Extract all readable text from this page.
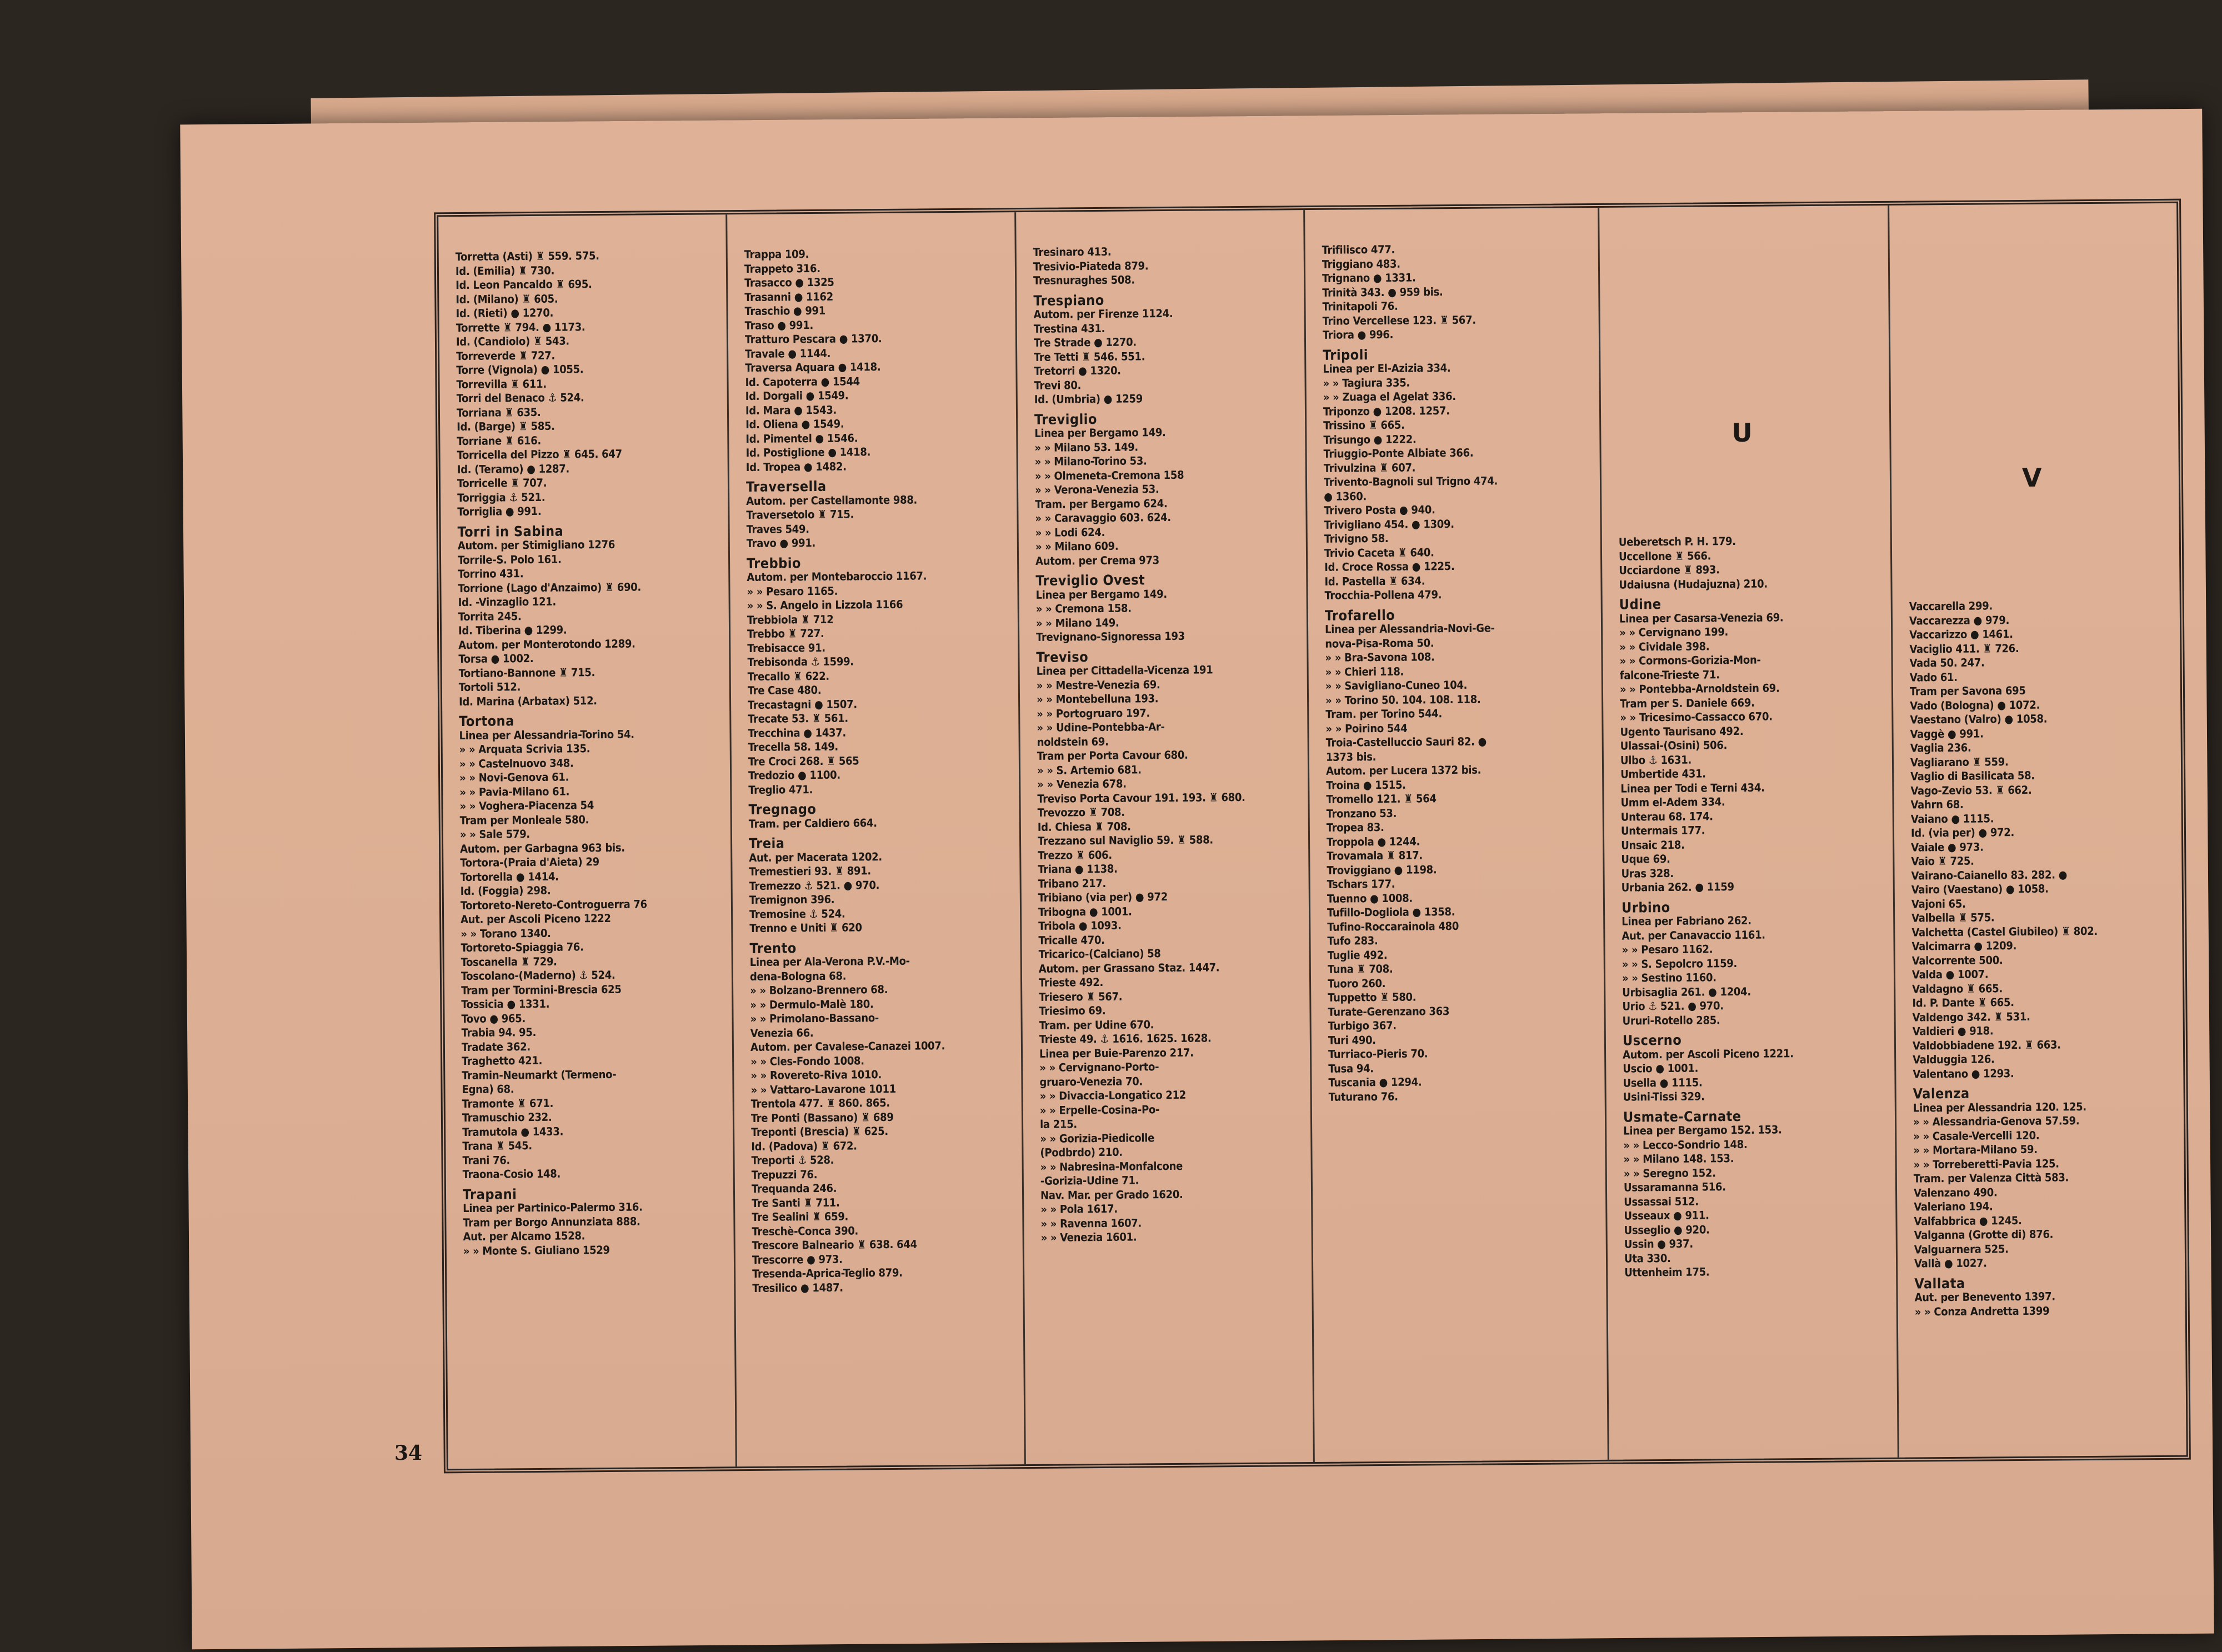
34
Torretta (Asti) ♜ 559. 575.
Id. (Emilia) ♜ 730.
Id. Leon Pancaldo ♜ 695.
Id. (Milano) ♜ 605.
Id. (Rieti) ● 1270.
Torrette ♜ 794. ● 1173.
Id. (Candiolo) ♜ 543.
Torreverde ♜ 727.
Torre (Vignola) ● 1055.
Torrevilla ♜ 611.
Torri del Benaco ⚓ 524.
Torriana ♜ 635.
Id. (Barge) ♜ 585.
Torriane ♜ 616.
Torricella del Pizzo ♜ 645. 647
Id. (Teramo) ● 1287.
Torricelle ♜ 707.
Torriggia ⚓ 521.
Torriglia ● 991.
Torri in Sabina
Autom. per Stimigliano 1276
Torrile-S. Polo 161.
Torrino 431.
Torrione (Lago d'Anzaimo) ♜ 690.
Id. -Vinzaglio 121.
Torrita 245.
Id. Tiberina ● 1299.
Autom. per Monterotondo 1289.
Torsa ● 1002.
Tortiano-Bannone ♜ 715.
Tortoli 512.
Id. Marina (Arbatax) 512.
Tortona
Linea per Alessandria-Torino 54.
» » Arquata Scrivia 135.
» » Castelnuovo 348.
» » Novi-Genova 61.
» » Pavia-Milano 61.
» » Voghera-Piacenza 54
Tram per Monleale 580.
» » Sale 579.
Autom. per Garbagna 963 bis.
Tortora-(Praia d'Aieta) 29
Tortorella ● 1414.
Id. (Foggia) 298.
Tortoreto-Nereto-Controguerra 76
Aut. per Ascoli Piceno 1222
» » Torano 1340.
Tortoreto-Spiaggia 76.
Toscanella ♜ 729.
Toscolano-(Maderno) ⚓ 524.
Tram per Tormini-Brescia 625
Tossicia ● 1331.
Tovo ● 965.
Trabia 94. 95.
Tradate 362.
Traghetto 421.
Tramin-Neumarkt (Termeno-
Egna) 68.
Tramonte ♜ 671.
Tramuschio 232.
Tramutola ● 1433.
Trana ♜ 545.
Trani 76.
Traona-Cosio 148.
Trapani
Linea per Partinico-Palermo 316.
Tram per Borgo Annunziata 888.
Aut. per Alcamo 1528.
» » Monte S. Giuliano 1529
Trappa 109.
Trappeto 316.
Trasacco ● 1325
Trasanni ● 1162
Traschio ● 991
Traso ● 991.
Tratturo Pescara ● 1370.
Travale ● 1144.
Traversa Aquara ● 1418.
Id. Capoterra ● 1544
Id. Dorgali ● 1549.
Id. Mara ● 1543.
Id. Oliena ● 1549.
Id. Pimentel ● 1546.
Id. Postiglione ● 1418.
Id. Tropea ● 1482.
Traversella
Autom. per Castellamonte 988.
Traversetolo ♜ 715.
Traves 549.
Travo ● 991.
Trebbio
Autom. per Montebaroccio 1167.
» » Pesaro 1165.
» » S. Angelo in Lizzola 1166
Trebbiola ♜ 712
Trebbo ♜ 727.
Trebisacce 91.
Trebisonda ⚓ 1599.
Trecallo ♜ 622.
Tre Case 480.
Trecastagni ● 1507.
Trecate 53. ♜ 561.
Trecchina ● 1437.
Trecella 58. 149.
Tre Croci 268. ♜ 565
Tredozio ● 1100.
Treglio 471.
Tregnago
Tram. per Caldiero 664.
Treia
Aut. per Macerata 1202.
Tremestieri 93. ♜ 891.
Tremezzo ⚓ 521. ● 970.
Tremignon 396.
Tremosine ⚓ 524.
Trenno e Uniti ♜ 620
Trento
Linea per Ala-Verona P.V.-Mo-
dena-Bologna 68.
» » Bolzano-Brennero 68.
» » Dermulo-Malè 180.
» » Primolano-Bassano-
Venezia 66.
Autom. per Cavalese-Canazei 1007.
» » Cles-Fondo 1008.
» » Rovereto-Riva 1010.
» » Vattaro-Lavarone 1011
Trentola 477. ♜ 860. 865.
Tre Ponti (Bassano) ♜ 689
Treponti (Brescia) ♜ 625.
Id. (Padova) ♜ 672.
Treporti ⚓ 528.
Trepuzzi 76.
Trequanda 246.
Tre Santi ♜ 711.
Tre Sealini ♜ 659.
Treschè-Conca 390.
Trescore Balneario ♜ 638. 644
Trescorre ● 973.
Tresenda-Aprica-Teglio 879.
Tresilico ● 1487.
Tresinaro 413.
Tresivio-Piateda 879.
Tresnuraghes 508.
Trespiano
Autom. per Firenze 1124.
Trestina 431.
Tre Strade ● 1270.
Tre Tetti ♜ 546. 551.
Tretorri ● 1320.
Trevi 80.
Id. (Umbria) ● 1259
Treviglio
Linea per Bergamo 149.
» » Milano 53. 149.
» » Milano-Torino 53.
» » Olmeneta-Cremona 158
» » Verona-Venezia 53.
Tram. per Bergamo 624.
» » Caravaggio 603. 624.
» » Lodi 624.
» » Milano 609.
Autom. per Crema 973
Treviglio Ovest
Linea per Bergamo 149.
» » Cremona 158.
» » Milano 149.
Trevignano-Signoressa 193
Treviso
Linea per Cittadella-Vicenza 191
» » Mestre-Venezia 69.
» » Montebelluna 193.
» » Portogruaro 197.
» » Udine-Pontebba-Ar-
noldstein 69.
Tram per Porta Cavour 680.
» » S. Artemio 681.
» » Venezia 678.
Treviso Porta Cavour 191. 193. ♜ 680.
Trevozzo ♜ 708.
Id. Chiesa ♜ 708.
Trezzano sul Naviglio 59. ♜ 588.
Trezzo ♜ 606.
Triana ● 1138.
Tribano 217.
Tribiano (via per) ● 972
Tribogna ● 1001.
Tribola ● 1093.
Tricalle 470.
Tricarico-(Calciano) 58
Autom. per Grassano Staz. 1447.
Trieste 492.
Triesero ♜ 567.
Triesimo 69.
Tram. per Udine 670.
Trieste 49. ⚓ 1616. 1625. 1628.
Linea per Buie-Parenzo 217.
» » Cervignano-Porto-
gruaro-Venezia 70.
» » Divaccia-Longatico 212
» » Erpelle-Cosina-Po-
la 215.
» » Gorizia-Piedicolle
(Podbrdo) 210.
» » Nabresina-Monfalcone
-Gorizia-Udine 71.
Nav. Mar. per Grado 1620.
» » Pola 1617.
» » Ravenna 1607.
» » Venezia 1601.
Trifilisco 477.
Triggiano 483.
Trignano ● 1331.
Trinità 343. ● 959 bis.
Trinitapoli 76.
Trino Vercellese 123. ♜ 567.
Triora ● 996.
Tripoli
Linea per El-Azizia 334.
» » Tagiura 335.
» » Zuaga el Agelat 336.
Triponzo ● 1208. 1257.
Trissino ♜ 665.
Trisungo ● 1222.
Triuggio-Ponte Albiate 366.
Trivulzina ♜ 607.
Trivento-Bagnoli sul Trigno 474.
● 1360.
Trivero Posta ● 940.
Trivigliano 454. ● 1309.
Trivigno 58.
Trivio Caceta ♜ 640.
Id. Croce Rossa ● 1225.
Id. Pastella ♜ 634.
Trocchia-Pollena 479.
Trofarello
Linea per Alessandria-Novi-Ge-
nova-Pisa-Roma 50.
» » Bra-Savona 108.
» » Chieri 118.
» » Savigliano-Cuneo 104.
» » Torino 50. 104. 108. 118.
Tram. per Torino 544.
» » Poirino 544
Troia-Castelluccio Sauri 82. ●
1373 bis.
Autom. per Lucera 1372 bis.
Troina ● 1515.
Tromello 121. ♜ 564
Tronzano 53.
Tropea 83.
Troppola ● 1244.
Trovamala ♜ 817.
Troviggiano ● 1198.
Tschars 177.
Tuenno ● 1008.
Tufillo-Dogliola ● 1358.
Tufino-Roccarainola 480
Tufo 283.
Tuglie 492.
Tuna ♜ 708.
Tuoro 260.
Tuppetto ♜ 580.
Turate-Gerenzano 363
Turbigo 367.
Turi 490.
Turriaco-Pieris 70.
Tusa 94.
Tuscania ● 1294.
Tuturano 76.
U
Ueberetsch P. H. 179.
Uccellone ♜ 566.
Ucciardone ♜ 893.
Udaiusna (Hudajuzna) 210.
Udine
Linea per Casarsa-Venezia 69.
» » Cervignano 199.
» » Cividale 398.
» » Cormons-Gorizia-Mon-
falcone-Trieste 71.
» » Pontebba-Arnoldstein 69.
Tram per S. Daniele 669.
» » Tricesimo-Cassacco 670.
Ugento Taurisano 492.
Ulassai-(Osini) 506.
Ulbo ⚓ 1631.
Umbertide 431.
Linea per Todi e Terni 434.
Umm el-Adem 334.
Unterau 68. 174.
Untermais 177.
Unsaic 218.
Uque 69.
Uras 328.
Urbania 262. ● 1159
Urbino
Linea per Fabriano 262.
Aut. per Canavaccio 1161.
» » Pesaro 1162.
» » S. Sepolcro 1159.
» » Sestino 1160.
Urbisaglia 261. ● 1204.
Urio ⚓ 521. ● 970.
Ururi-Rotello 285.
Uscerno
Autom. per Ascoli Piceno 1221.
Uscio ● 1001.
Usella ● 1115.
Usini-Tissi 329.
Usmate-Carnate
Linea per Bergamo 152. 153.
» » Lecco-Sondrio 148.
» » Milano 148. 153.
» » Seregno 152.
Ussaramanna 516.
Ussassai 512.
Usseaux ● 911.
Usseglio ● 920.
Ussin ● 937.
Uta 330.
Uttenheim 175.
V
Vaccarella 299.
Vaccarezza ● 979.
Vaccarizzo ● 1461.
Vaciglio 411. ♜ 726.
Vada 50. 247.
Vado 61.
Tram per Savona 695
Vado (Bologna) ● 1072.
Vaestano (Valro) ● 1058.
Vaggè ● 991.
Vaglia 236.
Vagliarano ♜ 559.
Vaglio di Basilicata 58.
Vago-Zevio 53. ♜ 662.
Vahrn 68.
Vaiano ● 1115.
Id. (via per) ● 972.
Vaiale ● 973.
Vaio ♜ 725.
Vairano-Caianello 83. 282. ●
Vairo (Vaestano) ● 1058.
Vajoni 65.
Valbella ♜ 575.
Valchetta (Castel Giubileo) ♜ 802.
Valcimarra ● 1209.
Valcorrente 500.
Valda ● 1007.
Valdagno ♜ 665.
Id. P. Dante ♜ 665.
Valdengo 342. ♜ 531.
Valdieri ● 918.
Valdobbiadene 192. ♜ 663.
Valduggia 126.
Valentano ● 1293.
Valenza
Linea per Alessandria 120. 125.
» » Alessandria-Genova 57.59.
» » Casale-Vercelli 120.
» » Mortara-Milano 59.
» » Torreberetti-Pavia 125.
Tram. per Valenza Città 583.
Valenzano 490.
Valeriano 194.
Valfabbrica ● 1245.
Valganna (Grotte di) 876.
Valguarnera 525.
Vallà ● 1027.
Vallata
Aut. per Benevento 1397.
» » Conza Andretta 1399
